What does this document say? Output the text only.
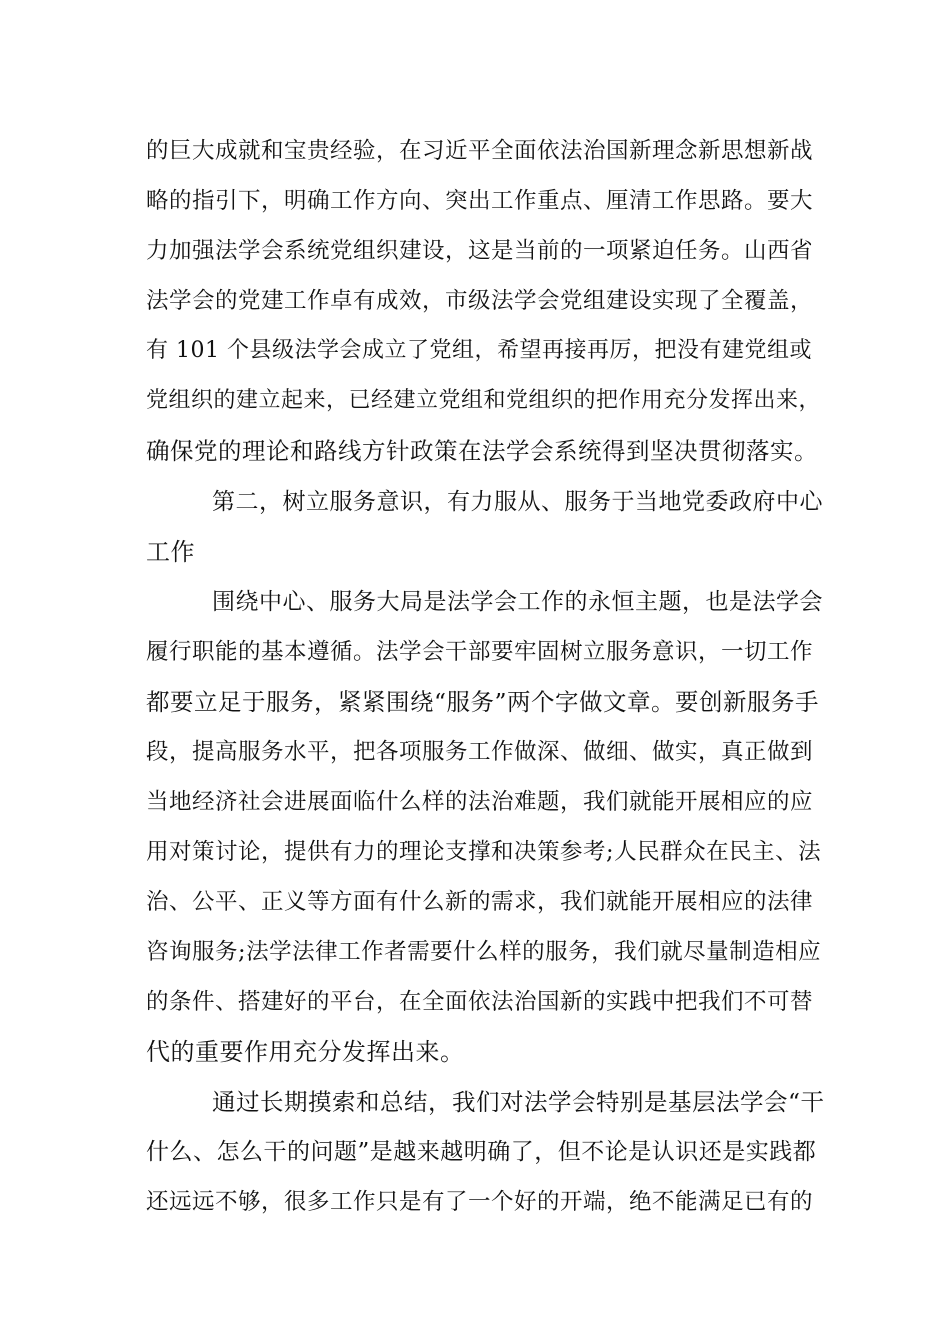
的巨大成就和宝贵经验，在习近平全面依法治国新理念新思想新战

略的指引下，明确工作方向、突出工作重点、厘清工作思路。要大

力加强法学会系统党组织建设，这是当前的一项紧迫任务。山西省

法学会的党建工作卓有成效，市级法学会党组建设实现了全覆盖，

有 101 个县级法学会成立了党组，希望再接再厉，把没有建党组或

党组织的建立起来，已经建立党组和党组织的把作用充分发挥出来，

确保党的理论和路线方针政策在法学会系统得到坚决贯彻落实。

第二，树立服务意识，有力服从、服务于当地党委政府中心

工作

围绕中心、服务大局是法学会工作的永恒主题，也是法学会

履行职能的基本遵循。法学会干部要牢固树立服务意识，一切工作

都要立足于服务，紧紧围绕“服务”两个字做文章。要创新服务手

段，提高服务水平，把各项服务工作做深、做细、做实，真正做到

当地经济社会进展面临什么样的法治难题，我们就能开展相应的应

用对策讨论，提供有力的理论支撑和决策参考;人民群众在民主、法

治、公平、正义等方面有什么新的需求，我们就能开展相应的法律

咨询服务;法学法律工作者需要什么样的服务，我们就尽量制造相应

的条件、搭建好的平台，在全面依法治国新的实践中把我们不可替

代的重要作用充分发挥出来。

通过长期摸索和总结，我们对法学会特别是基层法学会“干

什么、怎么干的问题”是越来越明确了，但不论是认识还是实践都

还远远不够，很多工作只是有了一个好的开端，绝不能满足已有的
